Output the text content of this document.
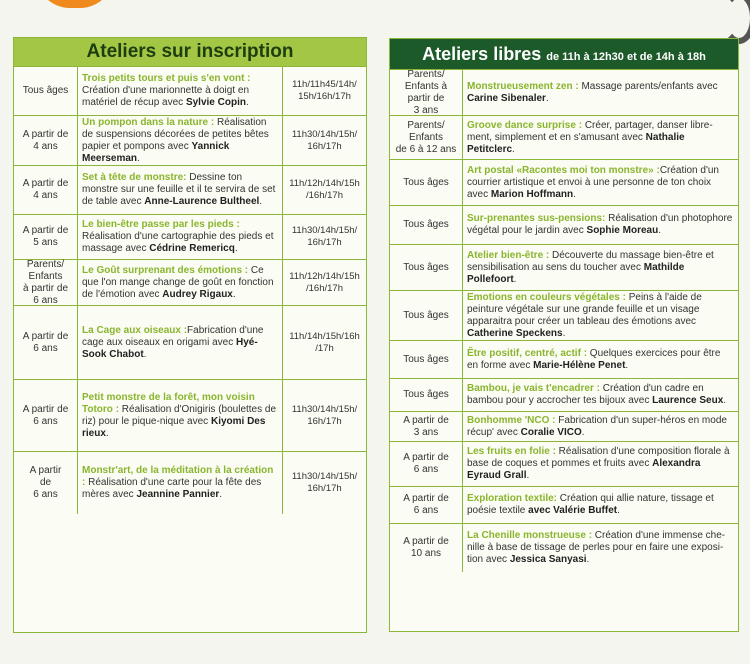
Ateliers sur inscription
Tous âges
Trois petits tours et puis s'en vont : Création d'une marionnette à doigt en matériel de récup avec Sylvie Copin.
11h/11h45/14h/
15h/16h/17h
A partir de
4 ans
Un pompon dans la nature : Réalisation de suspensions décorées de petites bêtes papier et pompons avec Yannick Meerseman.
11h30/14h/15h/
16h/17h
A partir de
4 ans
Set à tête de monstre: Dessine ton monstre sur une feuille et il te servira de set de table avec Anne-Laurence Bultheel.
11h/12h/14h/15h
/16h/17h
A partir de
5 ans
Le bien-être passe par les pieds : Réalisation d'une cartographie des pieds et massage avec Cédrine Remericq.
11h30/14h/15h/
16h/17h
Parents/
Enfants
à partir de
6 ans
Le Goût surprenant des émotions : Ce que l'on mange change de goût en fonction de l'émotion avec Audrey Rigaux.
11h/12h/14h/15h
/16h/17h
A partir de
6 ans
La Cage aux oiseaux :Fabrication d'une cage aux oiseaux en origami avec Hyé-Sook Chabot.
11h/14h/15h/16h
/17h
A partir de
6 ans
Petit monstre de la forêt, mon voisin Totoro : Réalisation d'Onigiris (boulettes de riz) pour le pique-nique avec Kiyomi Des rieux.
11h30/14h/15h/
16h/17h
A partir
de
6 ans
Monstr'art, de la méditation à la création : Réalisation d'une carte pour la fête des mères avec Jeannine Pannier.
11h30/14h/15h/
16h/17h
Ateliers libres de 11h à 12h30 et de 14h à 18h
Parents/
Enfants à
partir de
3 ans
Monstrueusement zen : Massage parents/enfants avec Carine Sibenaler.
Parents/
Enfants
de 6 à 12 ans
Groove dance surprise : Créer, partager, danser libre-ment, simplement et en s'amusant avec Nathalie Petitclerc.
Tous âges
Art postal «Racontes moi ton monstre» :Création d'un courrier artistique et envoi à une personne de ton choix avec Marion Hoffmann.
Tous âges
Sur-prenantes sus-pensions: Réalisation d'un photophore végétal pour le jardin avec Sophie Moreau.
Tous âges
Atelier bien-être : Découverte du massage bien-être et sensibilisation au sens du toucher avec Mathilde Pollefoort.
Tous âges
Emotions en couleurs végétales : Peins à l'aide de peinture végétale sur une grande feuille et un visage apparaitra pour créer un tableau des émotions avec Catherine Speckens.
Tous âges
Être positif, centré, actif : Quelques exercices pour être en forme avec Marie-Hélène Penet.
Tous âges
Bambou, je vais t'encadrer : Création d'un cadre en bambou pour y accrocher tes bijoux avec Laurence Seux.
A partir de
3 ans
Bonhomme 'NCO : Fabrication d'un super-héros en mode récup' avec Coralie VICO.
A partir de
6 ans
Les fruits en folie : Réalisation d'une composition florale à base de coques et pommes et fruits avec Alexandra Eyraud Grall.
A partir de
6 ans
Exploration textile: Création qui allie nature, tissage et poésie textile avec Valérie Buffet.
A partir de
10 ans
La Chenille monstrueuse : Création d'une immense che-nille à base de tissage de perles pour en faire une exposi-tion avec Jessica Sanyasi.
